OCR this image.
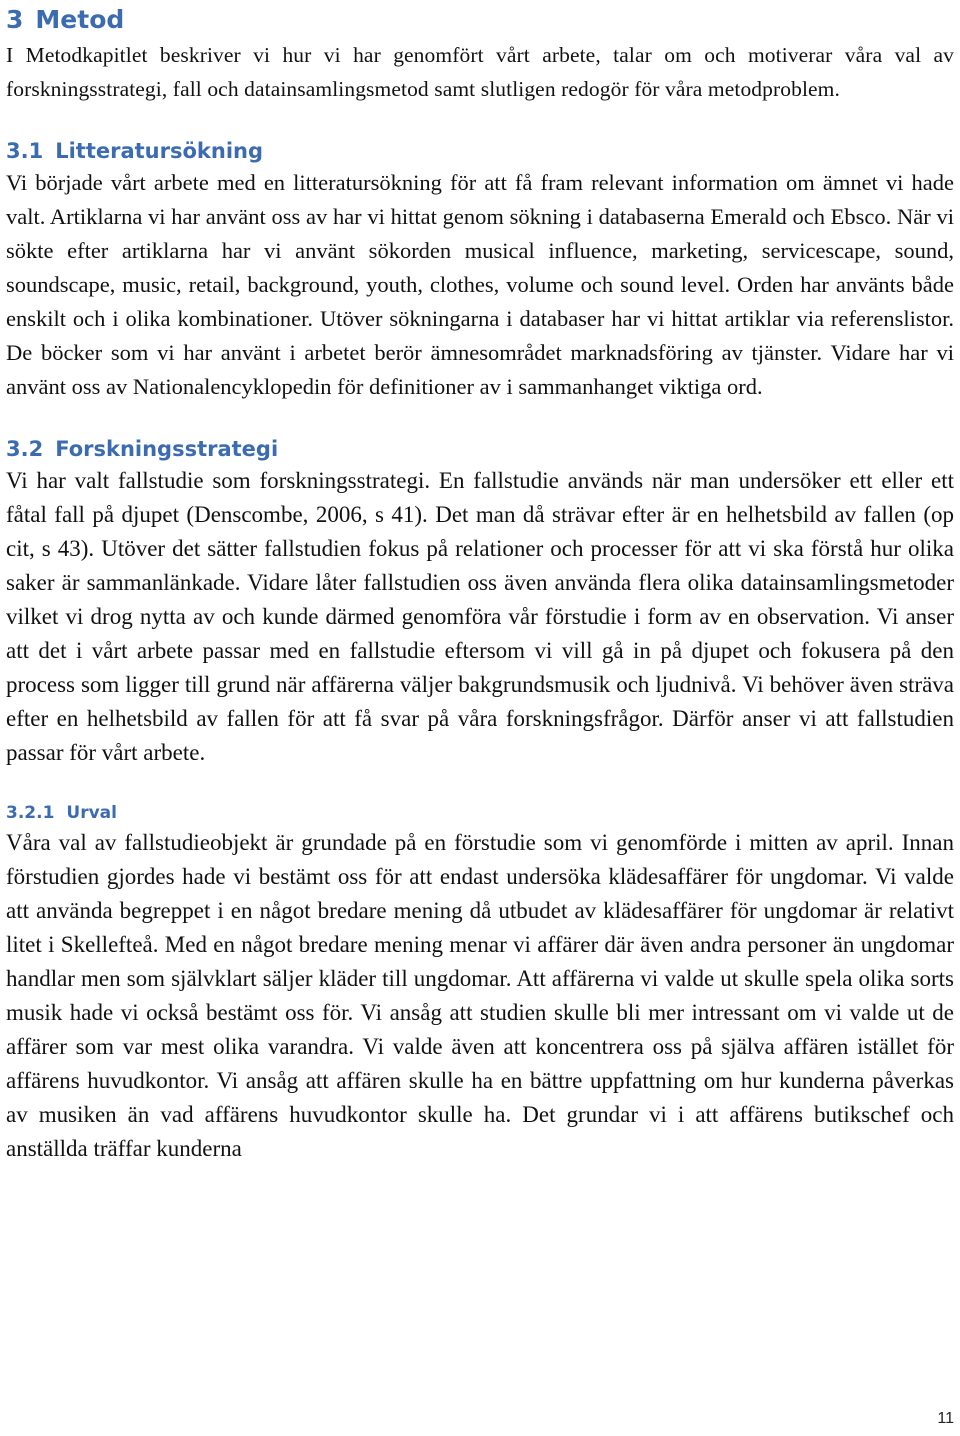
3 Metod

I Metodkapitlet beskriver vi hur vi har genomfört vårt arbete, talar om och motiverar våra val av forskningsstrategi, fall och datainsamlingsmetod samt slutligen redogör för våra metodproblem.

3.1 Litteratursökning

Vi började vårt arbete med en litteratursökning för att få fram relevant information om ämnet vi hade valt. Artiklarna vi har använt oss av har vi hittat genom sökning i databaserna Emerald och Ebsco. När vi sökte efter artiklarna har vi använt sökorden musical influence, marketing, servicescape, sound, soundscape, music, retail, background, youth, clothes, volume och sound level. Orden har använts både enskilt och i olika kombinationer. Utöver sökningarna i databaser har vi hittat artiklar via referenslistor. De böcker som vi har använt i arbetet berör ämnesområdet marknadsföring av tjänster. Vidare har vi använt oss av Nationalencyklopedin för definitioner av i sammanhanget viktiga ord.

3.2 Forskningsstrategi

Vi har valt fallstudie som forskningsstrategi. En fallstudie används när man undersöker ett eller ett fåtal fall på djupet (Denscombe, 2006, s 41). Det man då strävar efter är en helhetsbild av fallen (op cit, s 43). Utöver det sätter fallstudien fokus på relationer och processer för att vi ska förstå hur olika saker är sammanlänkade. Vidare låter fallstudien oss även använda flera olika datainsamlingsmetoder vilket vi drog nytta av och kunde därmed genomföra vår förstudie i form av en observation. Vi anser att det i vårt arbete passar med en fallstudie eftersom vi vill gå in på djupet och fokusera på den process som ligger till grund när affärerna väljer bakgrundsmusik och ljudnivå. Vi behöver även sträva efter en helhetsbild av fallen för att få svar på våra forskningsfrågor. Därför anser vi att fallstudien passar för vårt arbete.

3.2.1 Urval

Våra val av fallstudieobjekt är grundade på en förstudie som vi genomförde i mitten av april. Innan förstudien gjordes hade vi bestämt oss för att endast undersöka klädesaffärer för ungdomar. Vi valde att använda begreppet i en något bredare mening då utbudet av klädesaffärer för ungdomar är relativt litet i Skellefteå. Med en något bredare mening menar vi affärer där även andra personer än ungdomar handlar men som självklart säljer kläder till ungdomar. Att affärerna vi valde ut skulle spela olika sorts musik hade vi också bestämt oss för. Vi ansåg att studien skulle bli mer intressant om vi valde ut de affärer som var mest olika varandra. Vi valde även att koncentrera oss på själva affären istället för affärens huvudkontor. Vi ansåg att affären skulle ha en bättre uppfattning om hur kunderna påverkas av musiken än vad affärens huvudkontor skulle ha. Det grundar vi i att affärens butikschef och anställda träffar kunderna

11
